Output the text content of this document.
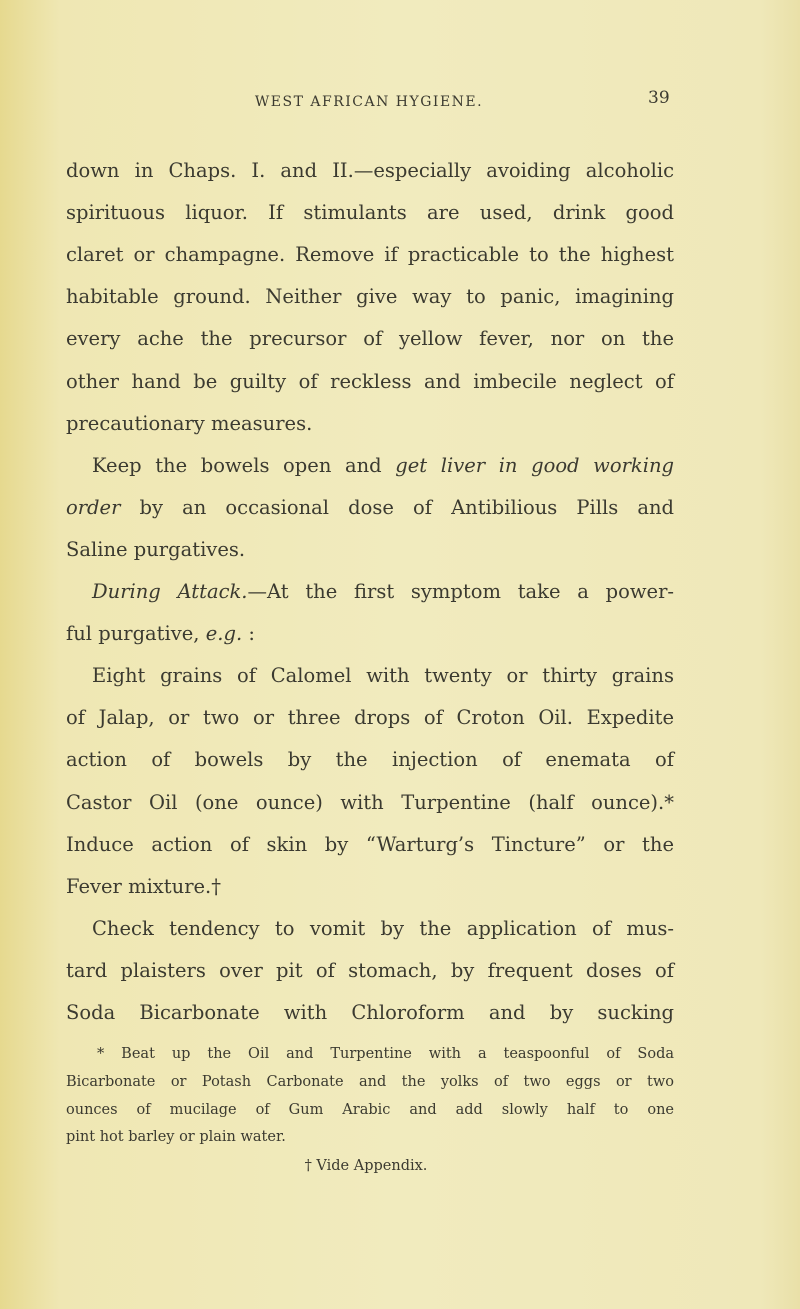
WEST AFRICAN HYGIENE.	39
down in Chaps. I. and II.—especially avoiding alcoholic
spirituous liquor. If stimulants are used, drink good
claret or champagne. Remove if practicable to the highest
habitable ground. Neither give way to panic, imagining
every ache the precursor of yellow fever, nor on the
other hand be guilty of reckless and imbecile neglect of
precautionary measures.
Keep the bowels open and get liver in good working
order by an occasional dose of Antibilious Pills and
Saline purgatives.
During Attack.—At the first symptom take a power-
ful purgative, e.g. :
Eight grains of Calomel with twenty or thirty grains
of Jalap, or two or three drops of Croton Oil. Expedite
action of bowels by the injection of enemata of
Castor Oil (one ounce) with Turpentine (half ounce).*
Induce action of skin by “Warturg’s Tincture” or the
Fever mixture.†
Check tendency to vomit by the application of mus-
tard plaisters over pit of stomach, by frequent doses of
Soda Bicarbonate with Chloroform and by sucking
* Beat up the Oil and Turpentine with a teaspoonful of Soda
Bicarbonate or Potash Carbonate and the yolks of two eggs or two
ounces of mucilage of Gum Arabic and add slowly half to one
pint hot barley or plain water.
† Vide Appendix.
